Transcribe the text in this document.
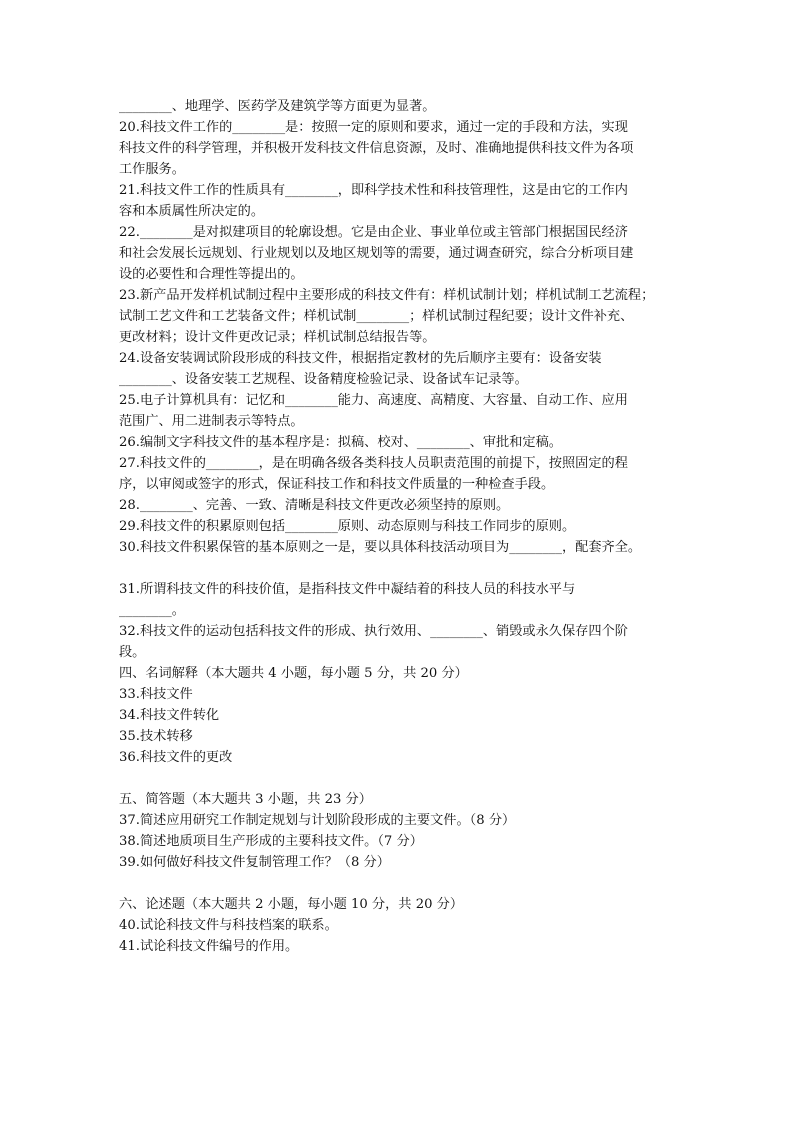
________、地理学、医药学及建筑学等方面更为显著。
20.科技文件工作的________是：按照一定的原则和要求，通过一定的手段和方法，实现
科技文件的科学管理，并积极开发科技文件信息资源，及时、准确地提供科技文件为各项
工作服务。
21.科技文件工作的性质具有________，即科学技术性和科技管理性，这是由它的工作内
容和本质属性所决定的。
22.________是对拟建项目的轮廓设想。它是由企业、事业单位或主管部门根据国民经济
和社会发展长远规划、行业规划以及地区规划等的需要，通过调查研究，综合分析项目建
设的必要性和合理性等提出的。
23.新产品开发样机试制过程中主要形成的科技文件有：样机试制计划；样机试制工艺流程；
试制工艺文件和工艺装备文件；样机试制________；样机试制过程纪要；设计文件补充、
更改材料；设计文件更改记录；样机试制总结报告等。
24.设备安装调试阶段形成的科技文件，根据指定教材的先后顺序主要有：设备安装
________、设备安装工艺规程、设备精度检验记录、设备试车记录等。
25.电子计算机具有：记忆和________能力、高速度、高精度、大容量、自动工作、应用
范围广、用二进制表示等特点。
26.编制文字科技文件的基本程序是：拟稿、校对、________、审批和定稿。
27.科技文件的________，是在明确各级各类科技人员职责范围的前提下，按照固定的程
序，以审阅或签字的形式，保证科技工作和科技文件质量的一种检查手段。
28.________、完善、一致、清晰是科技文件更改必须坚持的原则。
29.科技文件的积累原则包括________原则、动态原则与科技工作同步的原则。
30.科技文件积累保管的基本原则之一是，要以具体科技活动项目为________，配套齐全。
31.所谓科技文件的科技价值，是指科技文件中凝结着的科技人员的科技水平与
________。
32.科技文件的运动包括科技文件的形成、执行效用、________、销毁或永久保存四个阶
段。
四、名词解释（本大题共 4 小题，每小题 5 分，共 20 分）
33.科技文件
34.科技文件转化
35.技术转移
36.科技文件的更改
五、简答题（本大题共 3 小题，共 23 分）
37.简述应用研究工作制定规划与计划阶段形成的主要文件。（8 分）
38.简述地质项目生产形成的主要科技文件。（7 分）
39.如何做好科技文件复制管理工作？（8 分）
六、论述题（本大题共 2 小题，每小题 10 分，共 20 分）
40.试论科技文件与科技档案的联系。
41.试论科技文件编号的作用。
